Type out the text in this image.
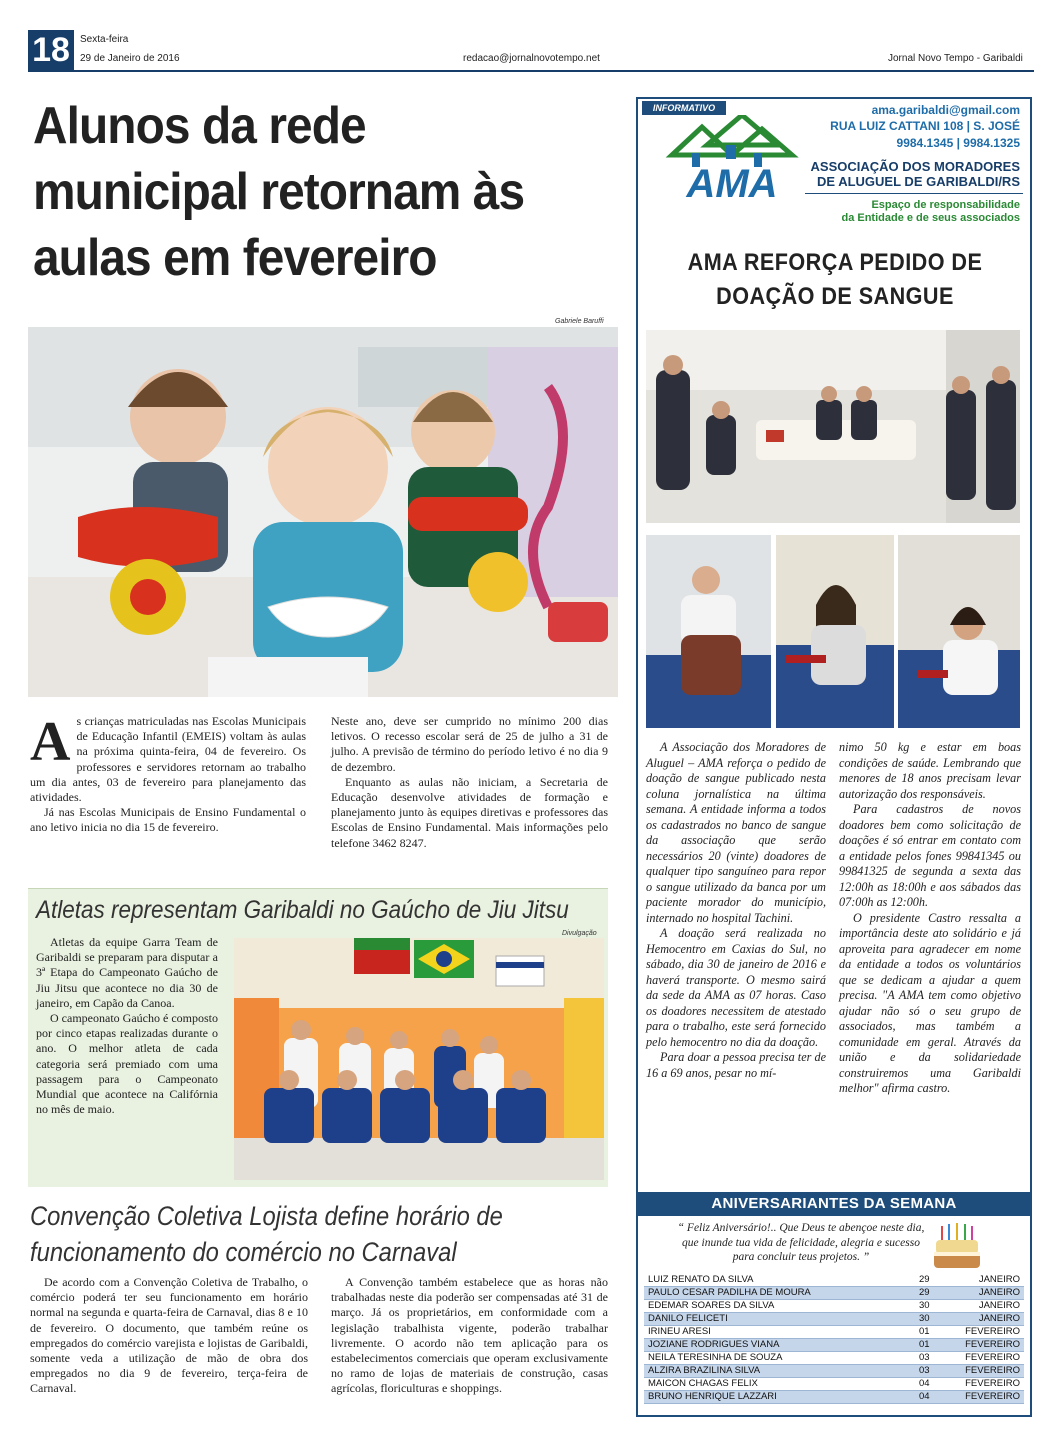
18	Sexta-feira
29 de Janeiro de 2016	redacao@jornalnovotempo.net	Jornal Novo Tempo - Garibaldi
Alunos da rede municipal retornam às aulas em fevereiro
Gabriele Baruffi
A s crianças matriculadas nas Escolas Municipais de Educação Infantil (EMEIS) voltam às aulas na próxima quinta-feira, 04 de fevereiro. Os professores e servidores retornam ao trabalho um dia antes, 03 de fevereiro para planejamento das atividades.

Já nas Escolas Municipais de Ensino Fundamental o ano letivo inicia no dia 15 de fevereiro.

Neste ano, deve ser cumprido no mínimo 200 dias letivos. O recesso escolar será de 25 de julho a 31 de julho. A previsão de término do período letivo é no dia 9 de dezembro.

Enquanto as aulas não iniciam, a Secretaria de Educação desenvolve atividades de formação e planejamento junto às equipes diretivas e professores das Escolas de Ensino Fundamental. Mais informações pelo telefone 3462 8247.

Atletas representam Garibaldi no Gaúcho de Jiu Jitsu
Divulgação

Atletas da equipe Garra Team de Garibaldi se preparam para disputar a 3ª Etapa do Campeonato Gaúcho de Jiu Jitsu que acontece no dia 30 de janeiro, em Capão da Canoa.

O campeonato Gaúcho é composto por cinco etapas realizadas durante o ano. O melhor atleta de cada categoria será premiado com uma passagem para o Campeonato Mundial que acontece na Califórnia no mês de maio.

Convenção Coletiva Lojista define horário de funcionamento do comércio no Carnaval

De acordo com a Convenção Coletiva de Trabalho, o comércio poderá ter seu funcionamento em horário normal na segunda e quarta-feira de Carnaval, dias 8 e 10 de fevereiro. O documento, que também reúne os empregados do comércio varejista e lojistas de Garibaldi, somente veda a utilização de mão de obra dos empregados no dia 9 de fevereiro, terça-feira de Carnaval.

A Convenção também estabelece que as horas não trabalhadas neste dia poderão ser compensadas até 31 de março. Já os proprietários, em conformidade com a legislação trabalhista vigente, poderão trabalhar livremente. O acordo não tem aplicação para os estabelecimentos comerciais que operam exclusivamente no ramo de lojas de materiais de construção, casas agrícolas, floriculturas e shoppings.

INFORMATIVO
AMA
ama.garibaldi@gmail.com
RUA LUIZ CATTANI 108 | S. JOSÉ
9984.1345 | 9984.1325
ASSOCIAÇÃO DOS MORADORES
DE ALUGUEL DE GARIBALDI/RS
Espaço de responsabilidade
da Entidade e de seus associados
AMA REFORÇA PEDIDO DE
DOAÇÃO DE SANGUE

A Associação dos Moradores de Aluguel – AMA reforça o pedido de doação de sangue publicado nesta coluna jornalística na última semana. A entidade informa a todos os cadastrados no banco de sangue da associação que serão necessários 20 (vinte) doadores de qualquer tipo sanguíneo para repor o sangue utilizado da banca por um paciente morador do município, internado no hospital Tachini.

A doação será realizada no Hemocentro em Caxias do Sul, no sábado, dia 30 de janeiro de 2016 e haverá transporte. O mesmo sairá da sede da AMA as 07 horas. Caso os doadores necessitem de atestado para o trabalho, este será fornecido pelo hemocentro no dia da doação.

Para doar a pessoa precisa ter de 16 a 69 anos, pesar no mí-

nimo 50 kg e estar em boas condições de saúde. Lembrando que menores de 18 anos precisam levar autorização dos responsáveis.

Para cadastros de novos doadores bem como solicitação de doações é só entrar em contato com a entidade pelos fones 99841345 ou 99841325 de segunda a sexta das 12:00h as 18:00h e aos sábados das 07:00h as 12:00h.

O presidente Castro ressalta a importância deste ato solidário e já aproveita para agradecer em nome da entidade a todos os voluntários que se dedicam a ajudar a quem precisa. "A AMA tem como objetivo ajudar não só o seu grupo de associados, mas também a comunidade em geral. Através da união e da solidariedade construiremos uma Garibaldi melhor" afirma castro.

ANIVERSARIANTES DA SEMANA
“ Feliz Aniversário!.. Que Deus te abençoe neste dia, que inunde tua vida de felicidade, alegria e sucesso para concluir teus projetos. ”
LUIZ RENATO DA SILVA	29	JANEIRO
PAULO CESAR PADILHA DE MOURA	29	JANEIRO
EDEMAR SOARES DA SILVA	30	JANEIRO
DANILO FELICETI	30	JANEIRO
IRINEU ARESI	01	FEVEREIRO
JOZIANE RODRIGUES VIANA	01	FEVEREIRO
NEILA TERESINHA DE SOUZA	03	FEVEREIRO
ALZIRA BRAZILINA SILVA	03	FEVEREIRO
MAICON CHAGAS FELIX	04	FEVEREIRO
BRUNO HENRIQUE LAZZARI	04	FEVEREIRO
